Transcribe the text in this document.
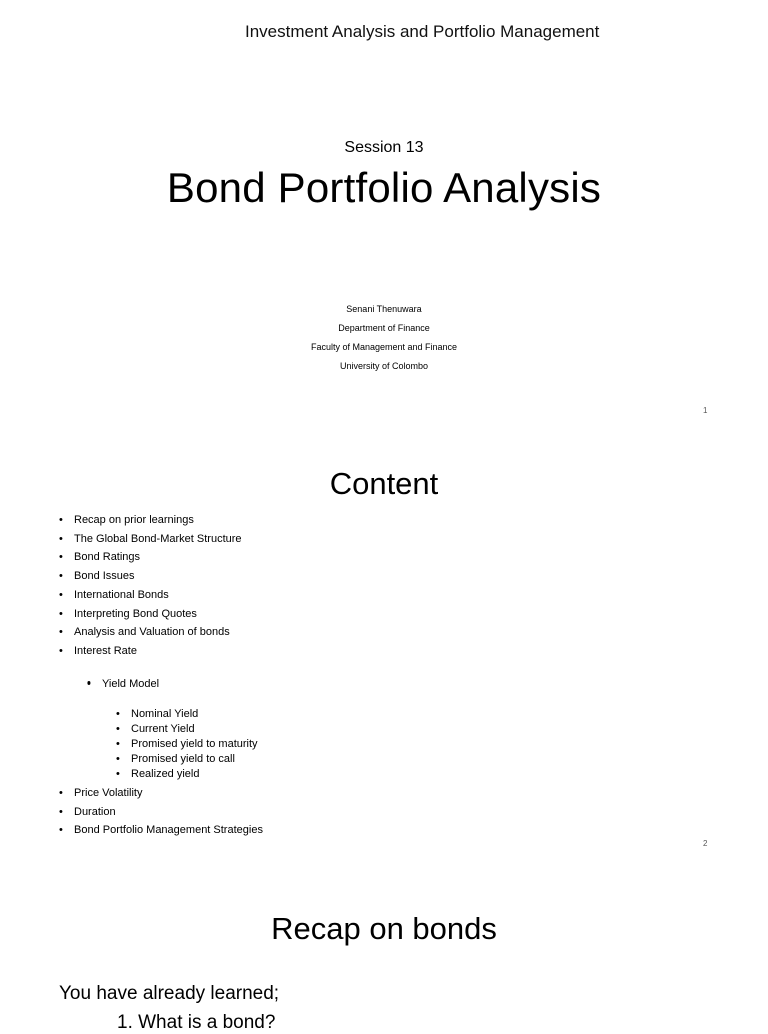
Investment Analysis and Portfolio Management
Session 13
Bond Portfolio Analysis
Senani Thenuwara
Department of Finance
Faculty of Management and Finance
University of Colombo
1
Content
• Recap on prior learnings
• The Global Bond-Market Structure
• Bond Ratings
• Bond Issues
• International Bonds
• Interpreting Bond Quotes
• Analysis and Valuation of bonds
• Interest Rate
• Yield Model
• Nominal Yield
• Current Yield
• Promised yield to maturity
• Promised yield to call
• Realized yield
• Price Volatility
• Duration
• Bond Portfolio Management Strategies
2
Recap on bonds
You have already learned;
1. What is a bond?
